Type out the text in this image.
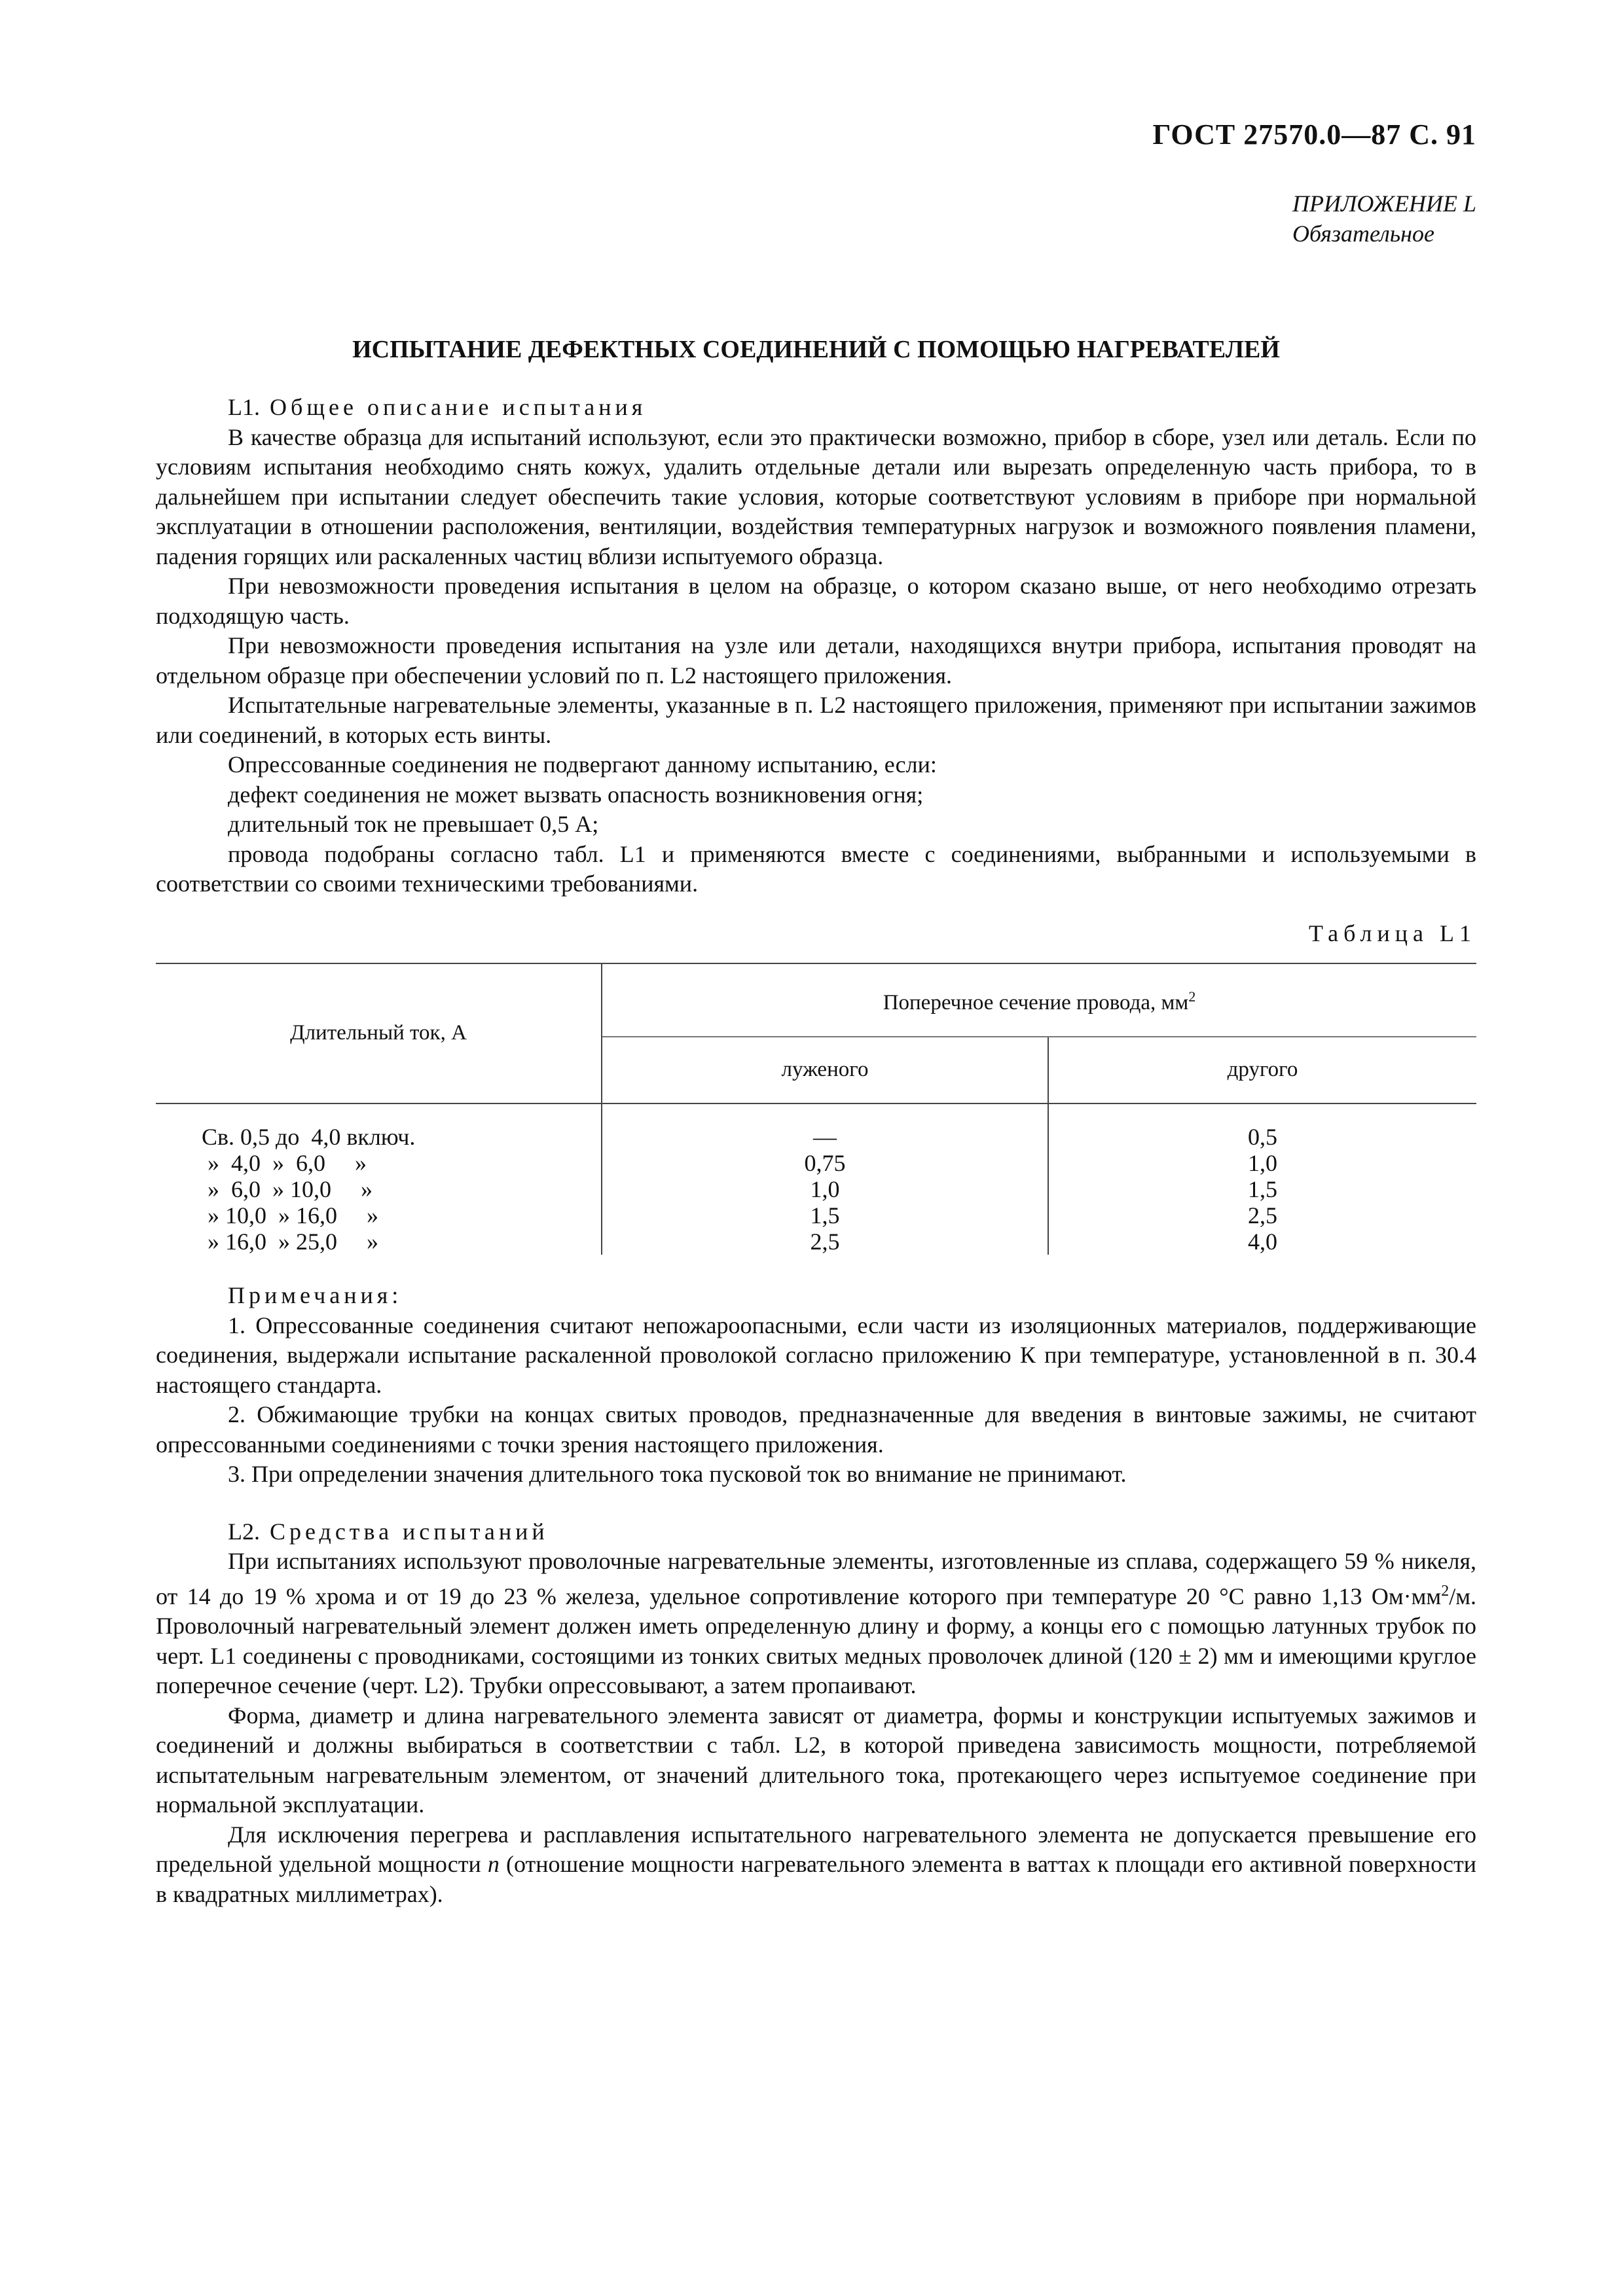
ГОСТ 27570.0—87 С. 91
ПРИЛОЖЕНИЕ L
Обязательное
ИСПЫТАНИЕ ДЕФЕКТНЫХ СОЕДИНЕНИЙ С ПОМОЩЬЮ НАГРЕВАТЕЛЕЙ
L1. Общее описание испытания

В качестве образца для испытаний используют, если это практически возможно, прибор в сборе, узел или деталь. Если по условиям испытания необходимо снять кожух, удалить отдельные детали или вырезать определенную часть прибора, то в дальнейшем при испытании следует обеспечить такие условия, которые соответствуют условиям в приборе при нормальной эксплуатации в отношении расположения, вентиляции, воздействия температурных нагрузок и возможного появления пламени, падения горящих или раскаленных частиц вблизи испытуемого образца.

При невозможности проведения испытания в целом на образце, о котором сказано выше, от него необходимо отрезать подходящую часть.

При невозможности проведения испытания на узле или детали, находящихся внутри прибора, испытания проводят на отдельном образце при обеспечении условий по п. L2 настоящего приложения.

Испытательные нагревательные элементы, указанные в п. L2 настоящего приложения, применяют при испытании зажимов или соединений, в которых есть винты.

Опрессованные соединения не подвергают данному испытанию, если:

дефект соединения не может вызвать опасность возникновения огня;

длительный ток не превышает 0,5 А;

провода подобраны согласно табл. L1 и применяются вместе с соединениями, выбранными и используемыми в соответствии со своими техническими требованиями.

Таблица L1
Длительный ток, А	Поперечное сечение провода, $мм^2$
	луженого	другого
Св. 0,5 до  4,0 включ.	—	0,5
»  4,0  »  6,0     »	0,75	1,0
»  6,0  » 10,0     »	1,0	1,5
» 10,0  » 16,0     »	1,5	2,5
» 16,0  » 25,0     »	2,5	4,0
Примечания:

1. Опрессованные соединения считают непожароопасными, если части из изоляционных материалов, поддерживающие соединения, выдержали испытание раскаленной проволокой согласно приложению К при температуре, установленной в п. 30.4 настоящего стандарта.

2. Обжимающие трубки на концах свитых проводов, предназначенные для введения в винтовые зажимы, не считают опрессованными соединениями с точки зрения настоящего приложения.

3. При определении значения длительного тока пусковой ток во внимание не принимают.

L2. Средства испытаний

При испытаниях используют проволочные нагревательные элементы, изготовленные из сплава, содержащего 59 % никеля, от 14 до 19 % хрома и от 19 до 23 % железа, удельное сопротивление которого при температуре 20 °С равно 1,13 $Ом\cdot мм^2/м$. Проволочный нагревательный элемент должен иметь определенную длину и форму, а концы его с помощью латунных трубок по черт. L1 соединены с проводниками, состоящими из тонких свитых медных проволочек длиной (120 ± 2) мм и имеющими круглое поперечное сечение (черт. L2). Трубки опрессовывают, а затем пропаивают.

Форма, диаметр и длина нагревательного элемента зависят от диаметра, формы и конструкции испытуемых зажимов и соединений и должны выбираться в соответствии с табл. L2, в которой приведена зависимость мощности, потребляемой испытательным нагревательным элементом, от значений длительного тока, протекающего через испытуемое соединение при нормальной эксплуатации.

Для исключения перегрева и расплавления испытательного нагревательного элемента не допускается превышение его предельной удельной мощности n (отношение мощности нагревательного элемента в ваттах к площади его активной поверхности в квадратных миллиметрах).
